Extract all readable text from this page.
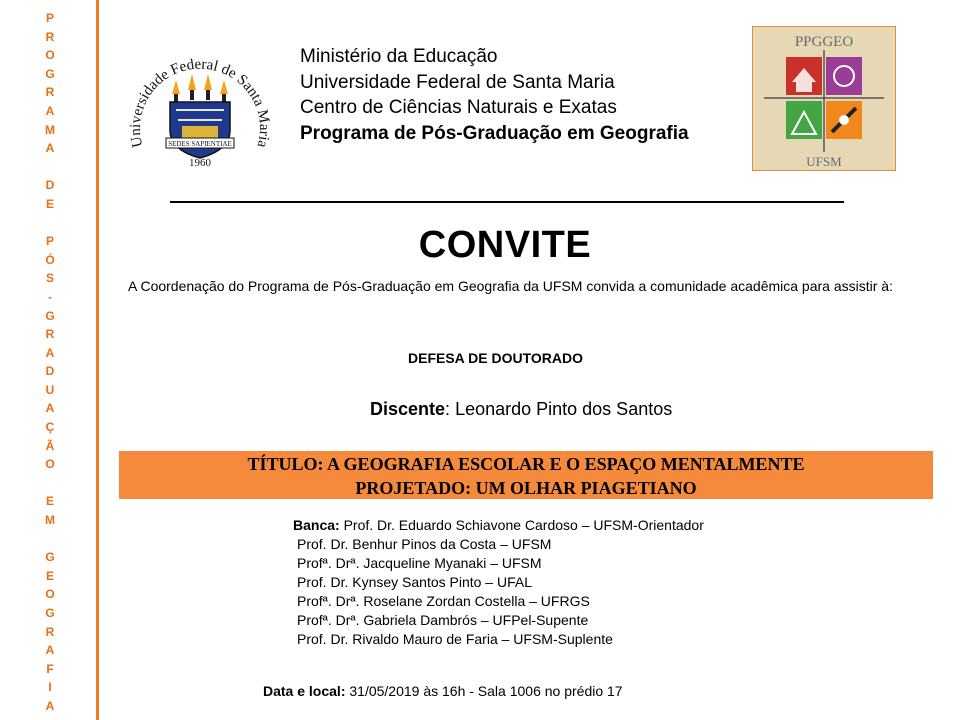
P
R
O
G
R
A
M
A
D
E
P
Ó
S
-
G
R
A
D
U
A
Ç
Ã
O
E
M
G
E
O
G
R
A
F
I
A
Universidade Federal de Santa Maria
SEDES SAPIENTIAE
1960
Ministério da Educação
Universidade Federal de Santa Maria
Centro de Ciências Naturais e Exatas
Programa de Pós-Graduação em Geografia
PPGGEO
UFSM
CONVITE
A Coordenação do Programa de Pós-Graduação em Geografia da UFSM convida a comunidade acadêmica para assistir à:
DEFESA DE DOUTORADO
Discente: Leonardo Pinto dos Santos
TÍTULO: A GEOGRAFIA ESCOLAR E O ESPAÇO MENTALMENTE
PROJETADO: UM OLHAR PIAGETIANO
Banca: Prof. Dr. Eduardo Schiavone Cardoso – UFSM-Orientador
Prof. Dr. Benhur Pinos da Costa – UFSM
Profª. Drª. Jacqueline Myanaki – UFSM
Prof. Dr. Kynsey Santos Pinto – UFAL
Profª. Drª. Roselane Zordan Costella – UFRGS
Profª. Drª. Gabriela Dambrós – UFPel-Supente
Prof. Dr. Rivaldo Mauro de Faria – UFSM-Suplente
Data e local: 31/05/2019 às 16h - Sala 1006 no prédio 17
